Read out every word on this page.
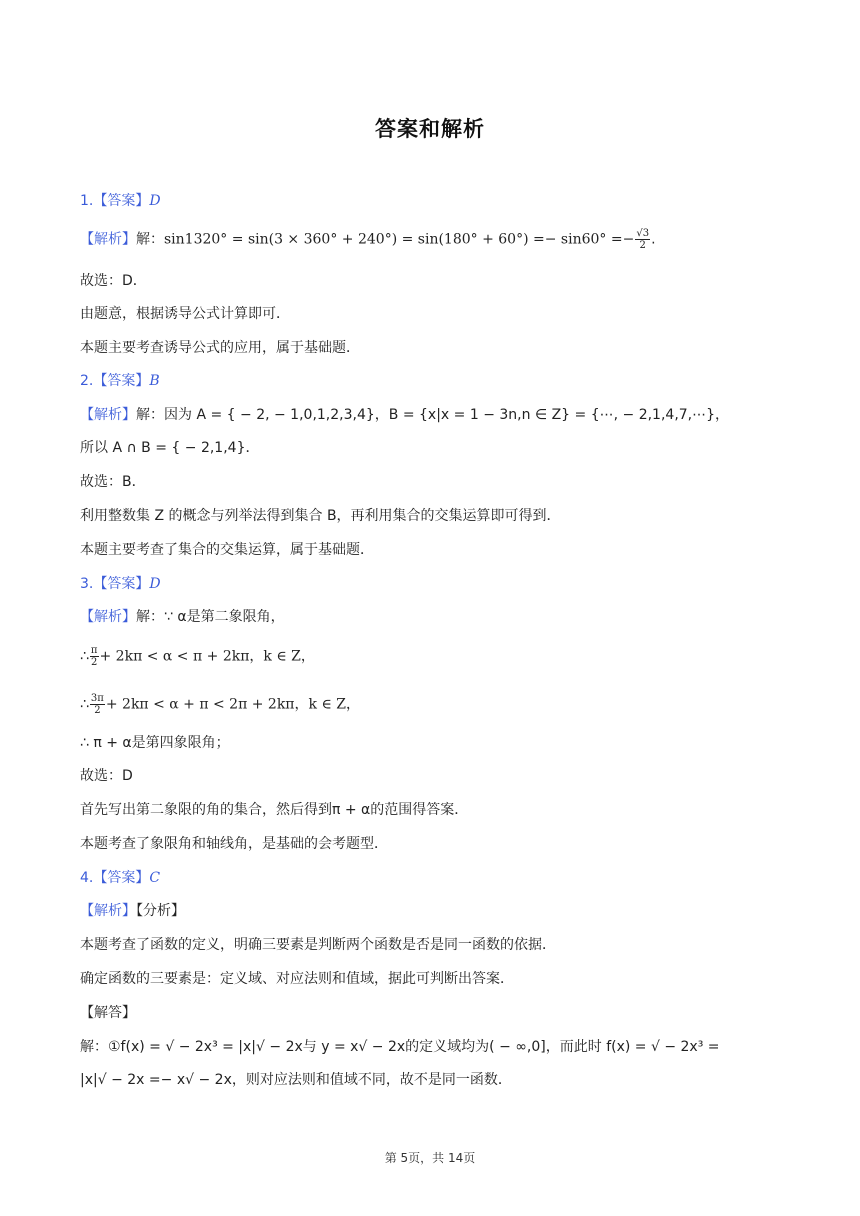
答案和解析
1.【答案】D
【解析】解：$\sin 1320^\circ = \sin(3 \times 360^\circ + 240^\circ) = \sin(180^\circ + 60^\circ) =- \sin 60^\circ =- \frac{√3}{2}$ .
故选：D．
由题意，根据诱导公式计算即可．
本题主要考查诱导公式的应用，属于基础题．
2.【答案】B
【解析】解：因为 A = { − 2, − 1,0,1,2,3,4}，B = {x|x = 1 − 3n,n ∈ Z} = {⋯, − 2,1,4,7,⋯}，
所以 A ∩ B = { − 2,1,4}．
故选：B．
利用整数集 Z 的概念与列举法得到集合 B，再利用集合的交集运算即可得到．
本题主要考查了集合的交集运算，属于基础题．
3.【答案】D
【解析】解：∵ α是第二象限角，
∴ $\frac{\pi}{2} + 2k\pi < \alpha < \pi + 2k\pi$，k ∈ Z，
∴ $\frac{3\pi}{2} + 2k\pi < \alpha + \pi < 2\pi + 2k\pi$，k ∈ Z，
∴ π + α是第四象限角；
故选：D
首先写出第二象限的角的集合，然后得到π + α的范围得答案．
本题考查了象限角和轴线角，是基础的会考题型．
4.【答案】C
【解析】【分析】
本题考查了函数的定义，明确三要素是判断两个函数是否是同一函数的依据．
确定函数的三要素是：定义域、对应法则和值域，据此可判断出答案．
【解答】
解：①f(x) = √ − 2x³ = |x|√ − 2x与 y = x√ − 2x的定义域均为( − ∞,0]，而此时 f(x) = √ − 2x³ =
|x|√ − 2x =− x√ − 2x，则对应法则和值域不同，故不是同一函数．
第 5页，共 14页
